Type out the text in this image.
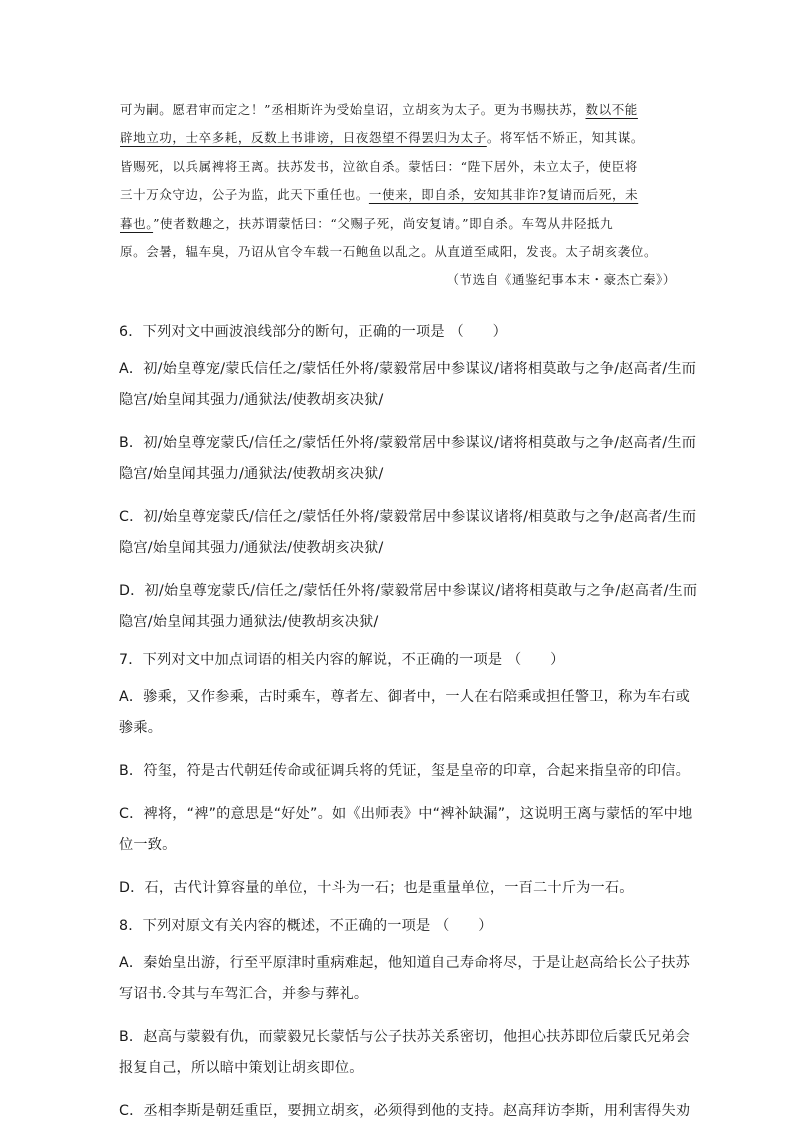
可为嗣。愿君审而定之！”丞相斯许为受始皇诏，立胡亥为太子。更为书赐扶苏，数以不能
辟地立功，士卒多耗，反数上书诽谤，日夜怨望不得罢归为太子。将军恬不矫正，知其谋。
皆赐死，以兵属裨将王离。扶苏发书，泣欲自杀。蒙恬曰：“陛下居外，未立太子，使臣将
三十万众守边，公子为监，此天下重任也。一使来，即自杀，安知其非诈?复请而后死，未
暮也。”使者数趣之，扶苏谓蒙恬曰：“父赐子死，尚安复请。”即自杀。车驾从井陉抵九
原。会暑，辒车臭，乃诏从官令车载一石鲍鱼以乱之。从直道至咸阳，发丧。太子胡亥袭位。
（节选自《通鉴纪事本末・豪杰亡秦》）

6．下列对文中画波浪线部分的断句，正确的一项是 （　　）

A．初/始皇尊宠/蒙氏信任之/蒙恬任外将/蒙毅常居中参谋议/诸将相莫敢与之争/赵高者/生而
隐宫/始皇闻其强力/通狱法/使教胡亥决狱/
B．初/始皇尊宠蒙氏/信任之/蒙恬任外将/蒙毅常居中参谋议/诸将相莫敢与之争/赵高者/生而
隐宫/始皇闻其强力/通狱法/使教胡亥决狱/
C．初/始皇尊宠蒙氏/信任之/蒙恬任外将/蒙毅常居中参谋议诸将/相莫敢与之争/赵高者/生而
隐宫/始皇闻其强力/通狱法/使教胡亥决狱/
D．初/始皇尊宠蒙氏/信任之/蒙恬任外将/蒙毅常居中参谋议/诸将相莫敢与之争/赵高者/生而
隐宫/始皇闻其强力通狱法/使教胡亥决狱/

7．下列对文中加点词语的相关内容的解说，不正确的一项是 （　　）

A．骖乘，又作参乘，古时乘车，尊者左、御者中，一人在右陪乘或担任警卫，称为车右或
骖乘。
B．符玺，符是古代朝廷传命或征调兵将的凭证，玺是皇帝的印章，合起来指皇帝的印信。
C．裨将，“裨”的意思是“好处”。如《出师表》中“裨补缺漏”，这说明王离与蒙恬的军中地
位一致。
D．石，古代计算容量的单位，十斗为一石；也是重量单位，一百二十斤为一石。

8．下列对原文有关内容的概述，不正确的一项是 （　　）

A．秦始皇出游，行至平原津时重病难起，他知道自己寿命将尽，于是让赵高给长公子扶苏
写诏书.令其与车驾汇合，并参与葬礼。
B．赵高与蒙毅有仇，而蒙毅兄长蒙恬与公子扶苏关系密切，他担心扶苏即位后蒙氏兄弟会
报复自己，所以暗中策划让胡亥即位。
C．丞相李斯是朝廷重臣，要拥立胡亥，必须得到他的支持。赵高拜访李斯，用利害得失劝
